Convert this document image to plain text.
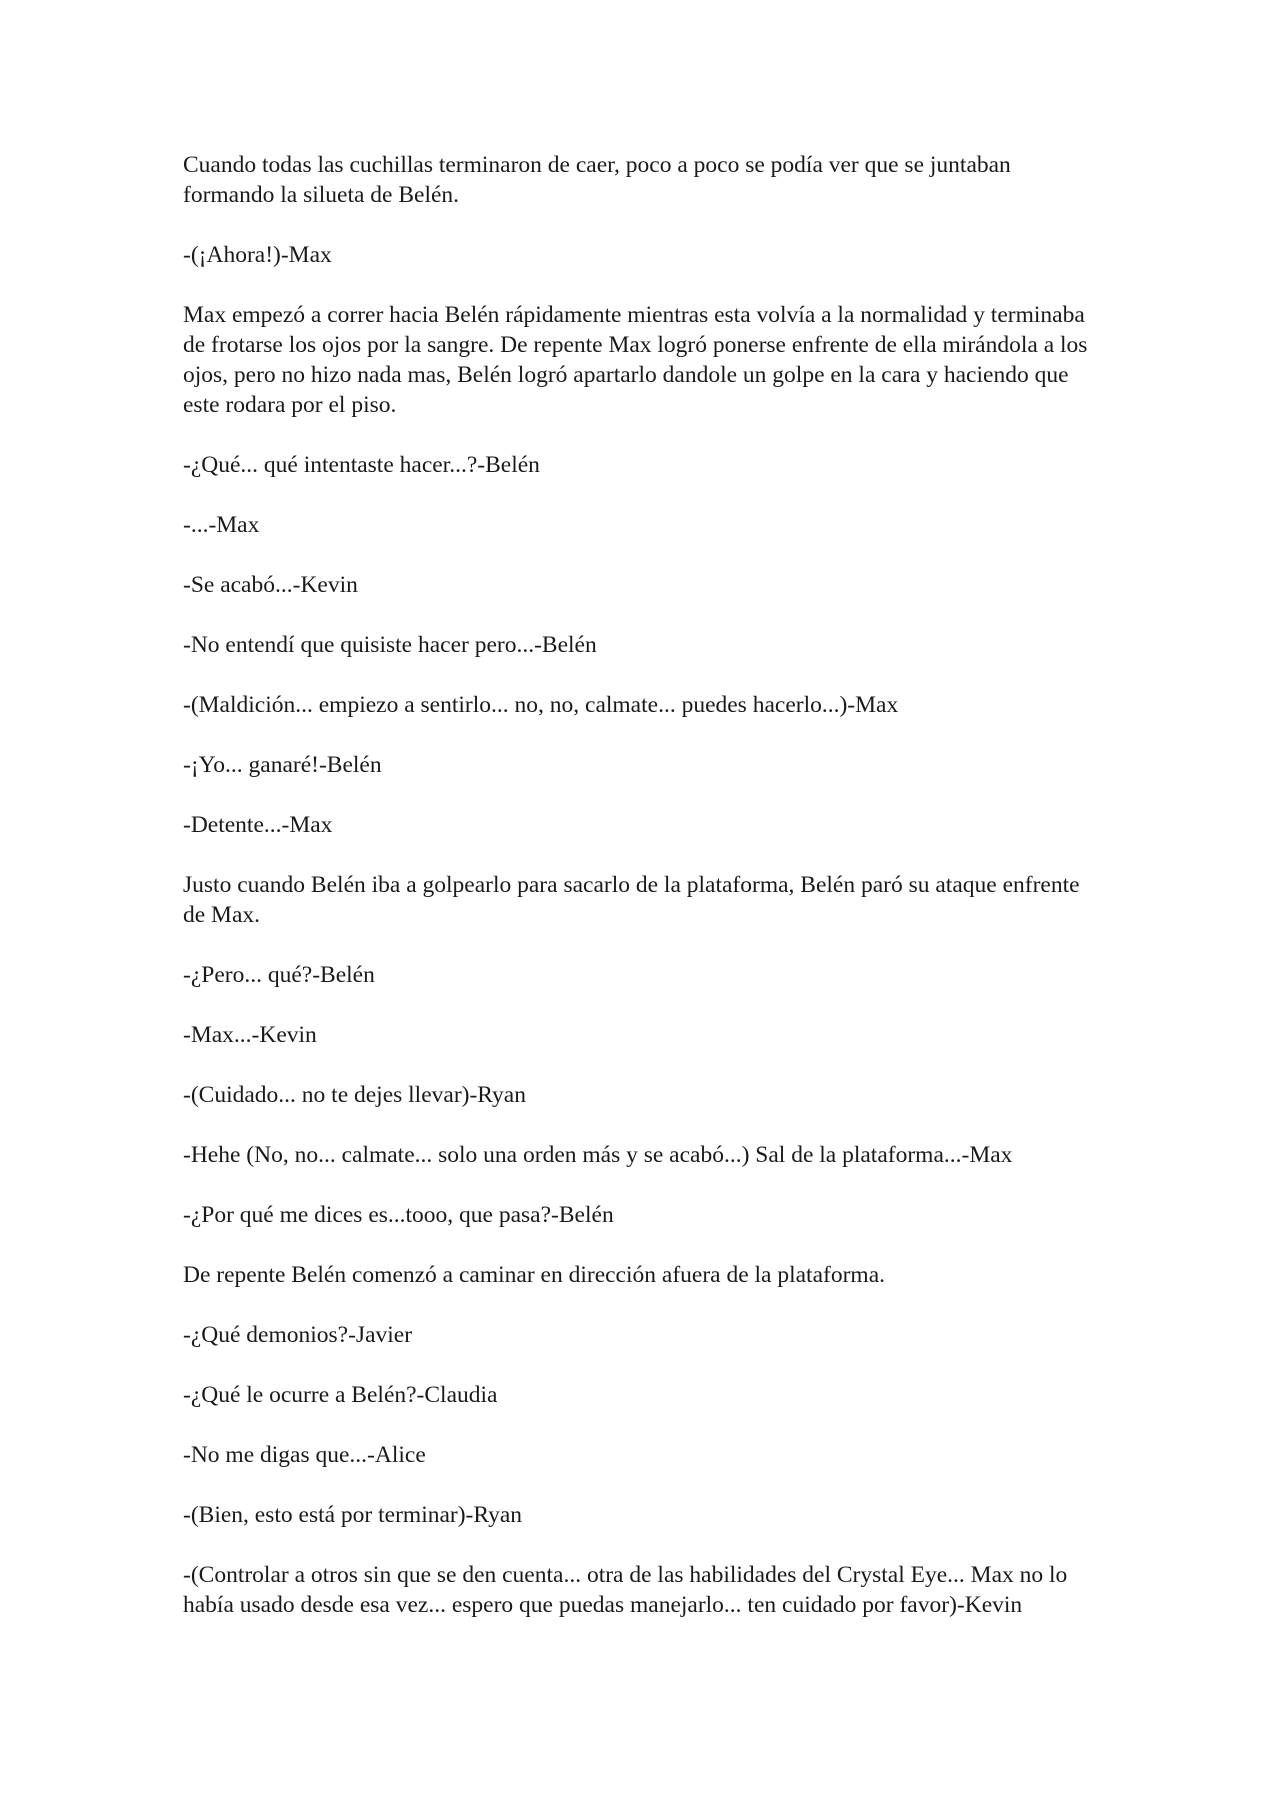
Cuando todas las cuchillas terminaron de caer, poco a poco se podía ver que se juntaban formando la silueta de Belén.

-(¡Ahora!)-Max

Max empezó a correr hacia Belén rápidamente mientras esta volvía a la normalidad y terminaba de frotarse los ojos por la sangre. De repente Max logró ponerse enfrente de ella mirándola a los ojos, pero no hizo nada mas, Belén logró apartarlo dandole un golpe en la cara y haciendo que este rodara por el piso.

-¿Qué... qué intentaste hacer...?-Belén

-...-Max

-Se acabó...-Kevin

-No entendí que quisiste hacer pero...-Belén

-(Maldición... empiezo a sentirlo... no, no, calmate... puedes hacerlo...)-Max

-¡Yo... ganaré!-Belén

-Detente...-Max

Justo cuando Belén iba a golpearlo para sacarlo de la plataforma, Belén paró su ataque enfrente de Max.

-¿Pero... qué?-Belén

-Max...-Kevin

-(Cuidado... no te dejes llevar)-Ryan

-Hehe (No, no... calmate... solo una orden más y se acabó...) Sal de la plataforma...-Max

-¿Por qué me dices es...tooo, que pasa?-Belén

De repente Belén comenzó a caminar en dirección afuera de la plataforma.

-¿Qué demonios?-Javier

-¿Qué le ocurre a Belén?-Claudia

-No me digas que...-Alice

-(Bien, esto está por terminar)-Ryan

-(Controlar a otros sin que se den cuenta... otra de las habilidades del Crystal Eye... Max no lo había usado desde esa vez... espero que puedas manejarlo... ten cuidado por favor)-Kevin
